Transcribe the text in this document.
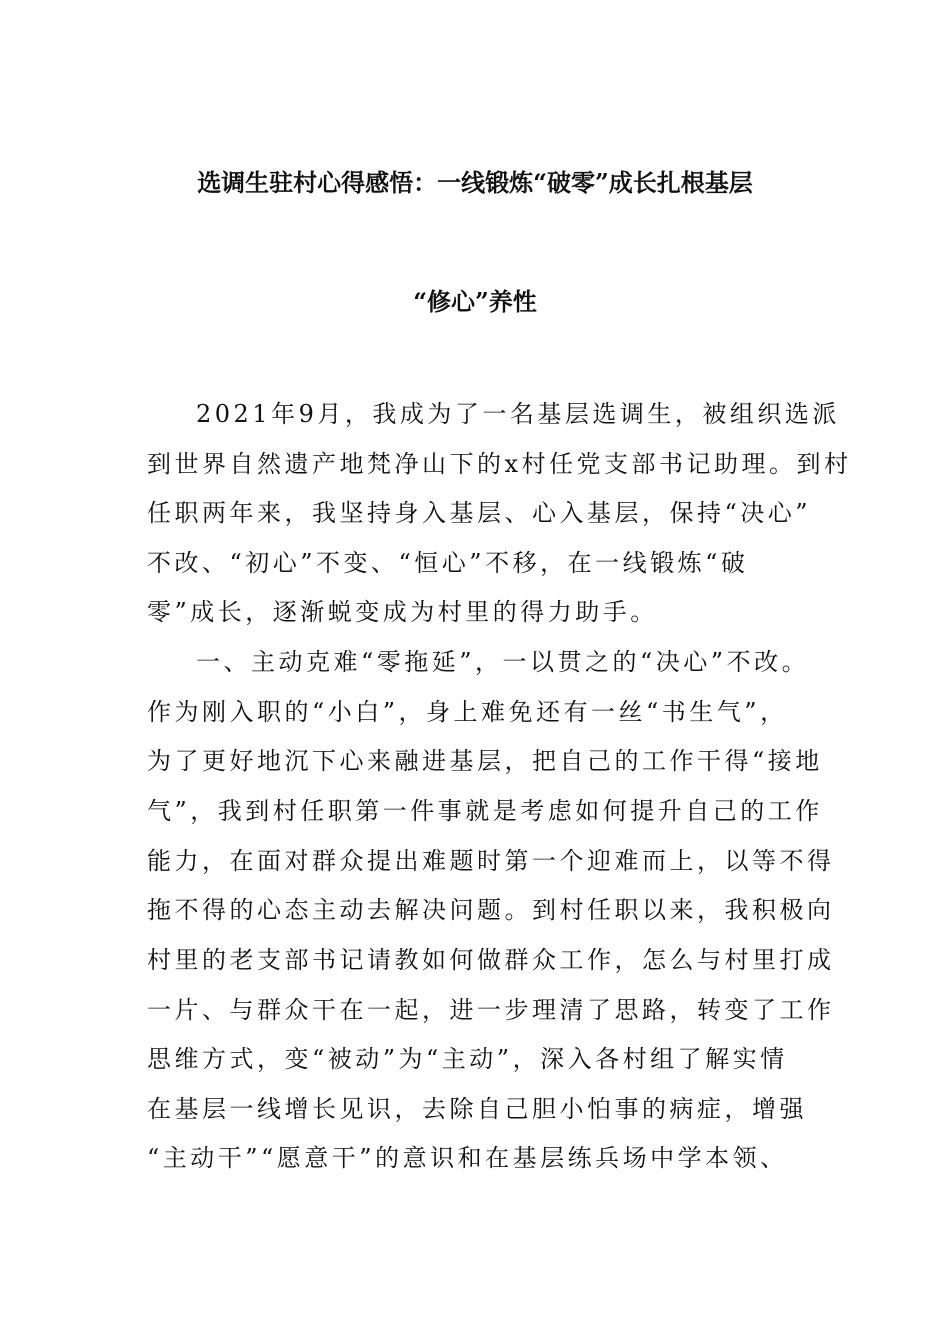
选调生驻村心得感悟：一线锻炼“破零”成长扎根基层
“修心”养性
2021年9月，我成为了一名基层选调生，被组织选派
到世界自然遗产地梵净山下的x村任党支部书记助理。到村
任职两年来，我坚持身入基层、心入基层，保持“决心”
不改、“初心”不变、“恒心”不移，在一线锻炼“破
零”成长，逐渐蜕变成为村里的得力助手。
一、主动克难“零拖延”，一以贯之的“决心”不改。
作为刚入职的“小白”，身上难免还有一丝“书生气”，
为了更好地沉下心来融进基层，把自己的工作干得“接地
气”，我到村任职第一件事就是考虑如何提升自己的工作
能力，在面对群众提出难题时第一个迎难而上，以等不得
拖不得的心态主动去解决问题。到村任职以来，我积极向
村里的老支部书记请教如何做群众工作，怎么与村里打成
一片、与群众干在一起，进一步理清了思路，转变了工作
思维方式，变“被动”为“主动”，深入各村组了解实情
在基层一线增长见识，去除自己胆小怕事的病症，增强
“主动干”“愿意干”的意识和在基层练兵场中学本领、
